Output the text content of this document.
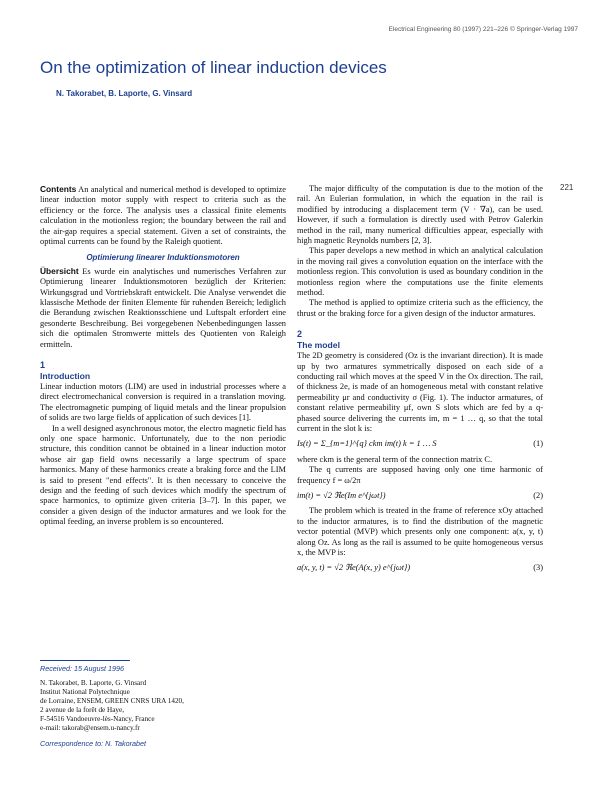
Electrical Engineering 80 (1997) 221–226 © Springer-Verlag 1997
On the optimization of linear induction devices
N. Takorabet, B. Laporte, G. Vinsard
221

Contents An analytical and numerical method is developed to optimize linear induction motor supply with respect to criteria such as the efficiency or the force. The analysis uses a classical finite elements calculation in the motionless region; the boundary between the rail and the air-gap requires a special statement. Given a set of constraints, the optimal currents can be found by the Raleigh quotient.

Optimierung linearer Induktionsmotoren

Übersicht Es wurde ein analytisches und numerisches Verfahren zur Optimierung linearer Induktionsmotoren bezüglich der Kriterien: Wirkungsgrad und Vortriebskraft entwickelt. Die Analyse verwendet die klassische Methode der finiten Elemente für ruhenden Bereich; lediglich die Berandung zwischen Reaktionsschiene und Luftspalt erfordert eine gesonderte Beschreibung. Bei vorgegebenen Nebenbedingungen lassen sich die optimalen Stromwerte mittels des Quotienten von Raleigh ermitteln.

1
Introduction

Linear induction motors (LIM) are used in industrial processes where a direct electromechanical conversion is required in a translation moving. The electromagnetic pumping of liquid metals and the linear propulsion of solids are two large fields of application of such devices [1].

In a well designed asynchronous motor, the electro magnetic field has only one space harmonic. Unfortunately, due to the non periodic structure, this condition cannot be obtained in a linear induction motor whose air gap field owns necessarily a large spectrum of space harmonics. Many of these harmonics create a braking force and the LIM is said to present "end effects". It is then necessary to conceive the design and the feeding of such devices which modify the spectrum of space harmonics, to optimize given criteria [3–7]. In this paper, we consider a given design of the inductor armatures and we look for the optimal feeding, an inverse problem is so encountered.

Received: 15 August 1996
N. Takorabet, B. Laporte, G. Vinsard
Institut National Polytechnique
de Lorraine, ENSEM, GREEN CNRS URA 1420,
2 avenue de la forêt de Haye,
F-54516 Vandoeuvre-lès-Nancy, France
e-mail: takorab@ensem.u-nancy.fr
Correspondence to: N. Takorabet

The major difficulty of the computation is due to the motion of the rail. An Eulerian formulation, in which the equation in the rail is modified by introducing a displacement term (V · ∇a), can be used. However, if such a formulation is directly used with Petrov Galerkin method in the rail, many numerical difficulties appear, especially with high magnetic Reynolds numbers [2, 3].

This paper develops a new method in which an analytical calculation in the moving rail gives a convolution equation on the interface with the motionless region. This convolution is used as boundary condition in the motionless region where the computations use the finite elements method.

The method is applied to optimize criteria such as the efficiency, the thrust or the braking force for a given design of the inductor armatures.

2
The model

The 2D geometry is considered (Oz is the invariant direction). It is made up by two armatures symmetrically disposed on each side of a conducting rail which moves at the speed V in the Ox direction. The rail, of thickness 2e, is made of an homogeneous metal with constant relative permeability μr and conductivity σ (Fig. 1). The inductor armatures, of constant relative permeability μf, own S slots which are fed by a q-phased source delivering the currents im, m = 1 … q, so that the total current in the slot k is:

Is(t) = Σ_{m=1}^{q} ckm im(t) k = 1 … S	(1)

where ckm is the general term of the connection matrix C.

The q currents are supposed having only one time harmonic of frequency f = ω/2π

im(t) = √2 ℜe(Im e^{jωt})	(2)

The problem which is treated in the frame of reference xOy attached to the inductor armatures, is to find the distribution of the magnetic vector potential (MVP) which presents only one component: a(x, y, t) along Oz. As long as the rail is assumed to be quite homogeneous versus x, the MVP is:

a(x, y, t) = √2 ℜe(A(x, y) e^{jωt})	(3)
